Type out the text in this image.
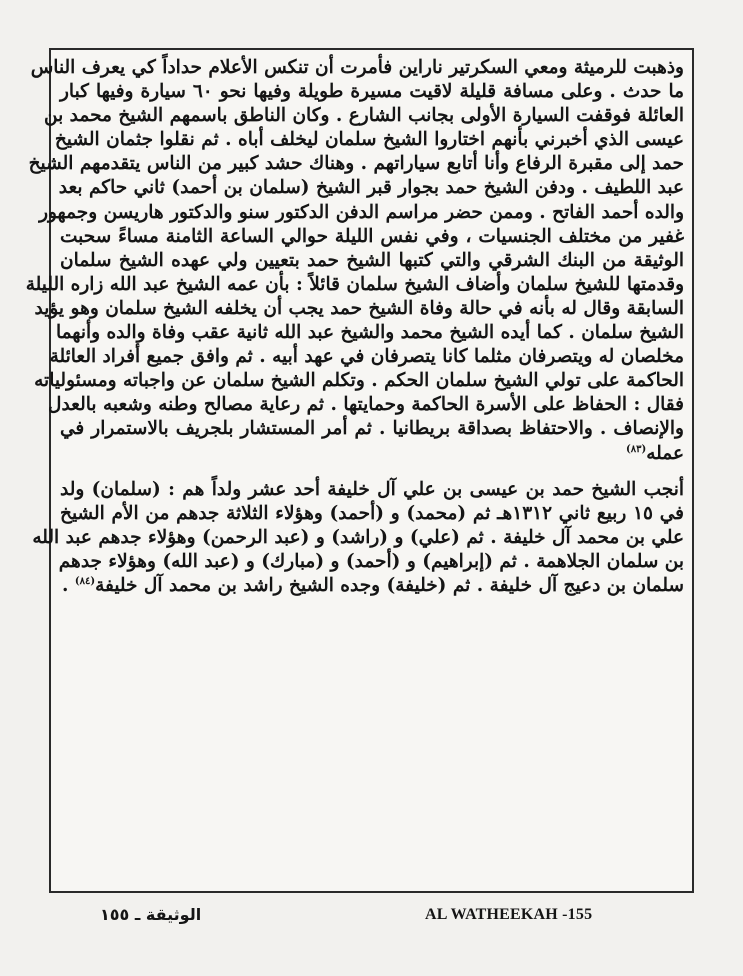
وذهبت للرميثة ومعي السكرتير ناراين فأمرت أن تنكس الأعلام حداداً كي يعرف الناس
ما حدث . وعلى مسافة قليلة لاقيت مسيرة طويلة وفيها نحو ٦٠ سيارة وفيها كبار
العائلة فوقفت السيارة الأولى بجانب الشارع . وكان الناطق باسمهم الشيخ محمد بن
عيسى الذي أخبرني بأنهم اختاروا الشيخ سلمان ليخلف أباه . ثم نقلوا جثمان الشيخ
حمد إلى مقبرة الرفاع وأنا أتابع سياراتهم . وهناك حشد كبير من الناس يتقدمهم الشيخ
عبد اللطيف . ودفن الشيخ حمد بجوار قبر الشيخ (سلمان بن أحمد) ثاني حاكم بعد
والده أحمد الفاتح . وممن حضر مراسم الدفن الدكتور سنو والدكتور هاريسن وجمهور
غفير من مختلف الجنسيات ، وفي نفس الليلة حوالي الساعة الثامنة مساءً سحبت
الوثيقة من البنك الشرقي والتي كتبها الشيخ حمد بتعيين ولي عهده الشيخ سلمان
وقدمتها للشيخ سلمان وأضاف الشيخ سلمان قائلاً : بأن عمه الشيخ عبد الله زاره الليلة
السابقة وقال له بأنه في حالة وفاة الشيخ حمد يجب أن يخلفه الشيخ سلمان وهو يؤيد
الشيخ سلمان . كما أيده الشيخ محمد والشيخ عبد الله ثانية عقب وفاة والده وأنهما
مخلصان له ويتصرفان مثلما كانا يتصرفان في عهد أبيه . ثم وافق جميع أفراد العائلة
الحاكمة على تولي الشيخ سلمان الحكم . وتكلم الشيخ سلمان عن واجباته ومسئولياته
فقال : الحفاظ على الأسرة الحاكمة وحمايتها . ثم رعاية مصالح وطنه وشعبه بالعدل
والإنصاف . والاحتفاظ بصداقة بريطانيا . ثم أمر المستشار بلجريف بالاستمرار في
عمله$^{(٨٣)}$

أنجب الشيخ حمد بن عيسى بن علي آل خليفة أحد عشر ولداً هم : (سلمان) ولد
في ١٥ ربيع ثاني ١٣١٢هـ ثم (محمد) و (أحمد) وهؤلاء الثلاثة جدهم من الأم الشيخ
علي بن محمد آل خليفة . ثم (علي) و (راشد) و (عبد الرحمن) وهؤلاء جدهم عبد الله
بن سلمان الجلاهمة . ثم (إبراهيم) و (أحمد) و (مبارك) و (عبد الله) وهؤلاء جدهم
سلمان بن دعيج آل خليفة . ثم (خليفة) وجده الشيخ راشد بن محمد آل خليفة$^{(٨٤)}$ .

الوثيقة ـ ١٥٥	AL WATHEEKAH -155
